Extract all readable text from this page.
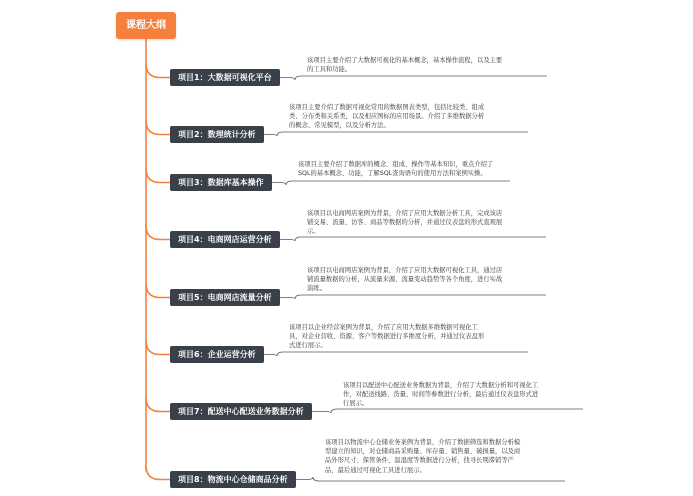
课程大纲
项目1：大数据可视化平台
该项目主要介绍了大数据可视化的基本概念，基本操作流程，以及主要
的工具和功能。
项目2：数理统计分析
该项目主要介绍了数据可视化常用的数据图表类型，包括比较类、组成
类、分布类和关系类，以及相应图标的应用场景。介绍了多维数据分析
的概念、常见模型，以及分析方法。
项目3：数据库基本操作
该项目主要介绍了数据库的概念、组成、操作等基本知识，重点介绍了
SQL的基本概念、功能，了解SQL查询语句的使用方法和案例实操。
项目4：电商网店运营分析
该项目以电商网店案例为背景，介绍了应用大数据分析工具，完成该店
铺交易、流量、访客、商品等数据的分析，并通过仪表盘的形式直观展
示。
项目5：电商网店流量分析
该项目以电商网店案例为背景，介绍了应用大数据可视化工具，通过店
铺流量数据的分析，从流量来源、流量变动趋势等各个角度，进行实战
演练。
项目6：企业运营分析
该项目以企业经营案例为背景，介绍了应用大数据多维数据可视化工
具，对企业营收、资源、客户等数据进行多维度分析，并通过仪表盘形
式进行展示。
项目7：配送中心配送业务数据分析
该项目以配送中心配送业务数据为背景，介绍了大数据分析和可视化工
作，对配送线路、货量、时间等参数进行分析，最后通过仪表盘形式进
行展示。
项目8：物流中心仓储商品分析
该项目以物流中心仓储业务案例为背景，介绍了数据筛选和数据分析模
型建立的知识，对仓储商品采购量、库存量、销售量、破损量，以及商
品外形尺寸、保管条件、温湿度等数据进行分析，找寻长期滞销等产
品，最后通过可视化工具进行展示。
